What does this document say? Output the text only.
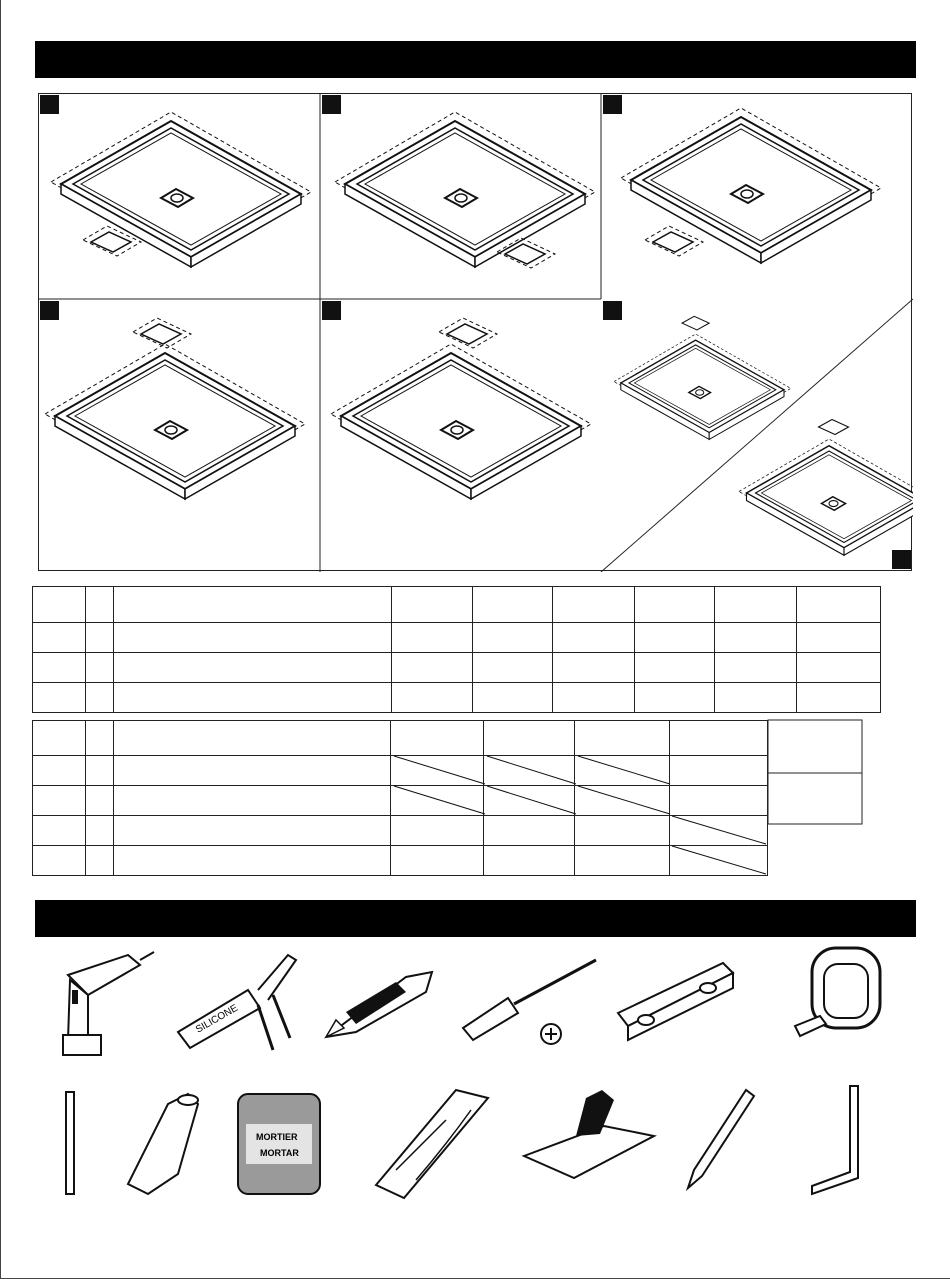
SILICONE
MORTIER
MORTAR
